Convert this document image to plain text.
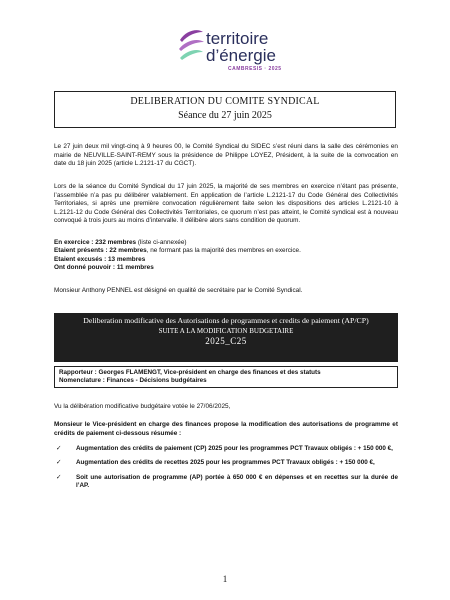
territoire
d’énergie
CAMBRESIS · 2025
DELIBERATION DU COMITE SYNDICAL
Séance du 27 juin 2025
Le 27 juin deux mil vingt-cinq à 9 heures 00, le Comité Syndical du SIDEC s’est réuni dans la salle des cérémonies en mairie de NEUVILLE-SAINT-REMY sous la présidence de Philippe LOYEZ, Président, à la suite de la convocation en date du 18 juin 2025 (article L.2121-17 du CGCT).
Lors de la séance du Comité Syndical du 17 juin 2025, la majorité de ses membres en exercice n’étant pas présente, l’assemblée n’a pas pu délibérer valablement. En application de l’article L.2121-17 du Code Général des Collectivités Territoriales, si après une première convocation régulièrement faite selon les dispositions des articles L.2121-10 à L.2121-12 du Code Général des Collectivités Territoriales, ce quorum n’est pas atteint, le Comité syndical est à nouveau convoqué à trois jours au moins d’intervalle. Il délibère alors sans condition de quorum.
En exercice : 232 membres (liste ci-annexée)
Etaient présents : 22 membres, ne formant pas la majorité des membres en exercice.
Etaient excusés : 13 membres
Ont donné pouvoir : 11 membres
Monsieur Anthony PENNEL est désigné en qualité de secrétaire par le Comité Syndical.
Deliberation modificative des Autorisations de programmes et credits de paiement (AP/CP)
SUITE A LA MODIFICATION BUDGETAIRE
2025_C25
Rapporteur : Georges FLAMENGT, Vice-président en charge des finances et des statuts
Nomenclature : Finances - Décisions budgétaires
Vu la délibération modificative budgétaire votée le 27/06/2025,
Monsieur le Vice-président en charge des finances propose la modification des autorisations de programme et crédits de paiement ci-dessous résumée :
✓ Augmentation des crédits de paiement (CP) 2025 pour les programmes PCT Travaux obligés : + 150 000 €,
✓ Augmentation des crédits de recettes 2025 pour les programmes PCT Travaux obligés : + 150 000 €,
✓ Soit une autorisation de programme (AP) portée à 650 000 € en dépenses et en recettes sur la durée de l’AP.
1
